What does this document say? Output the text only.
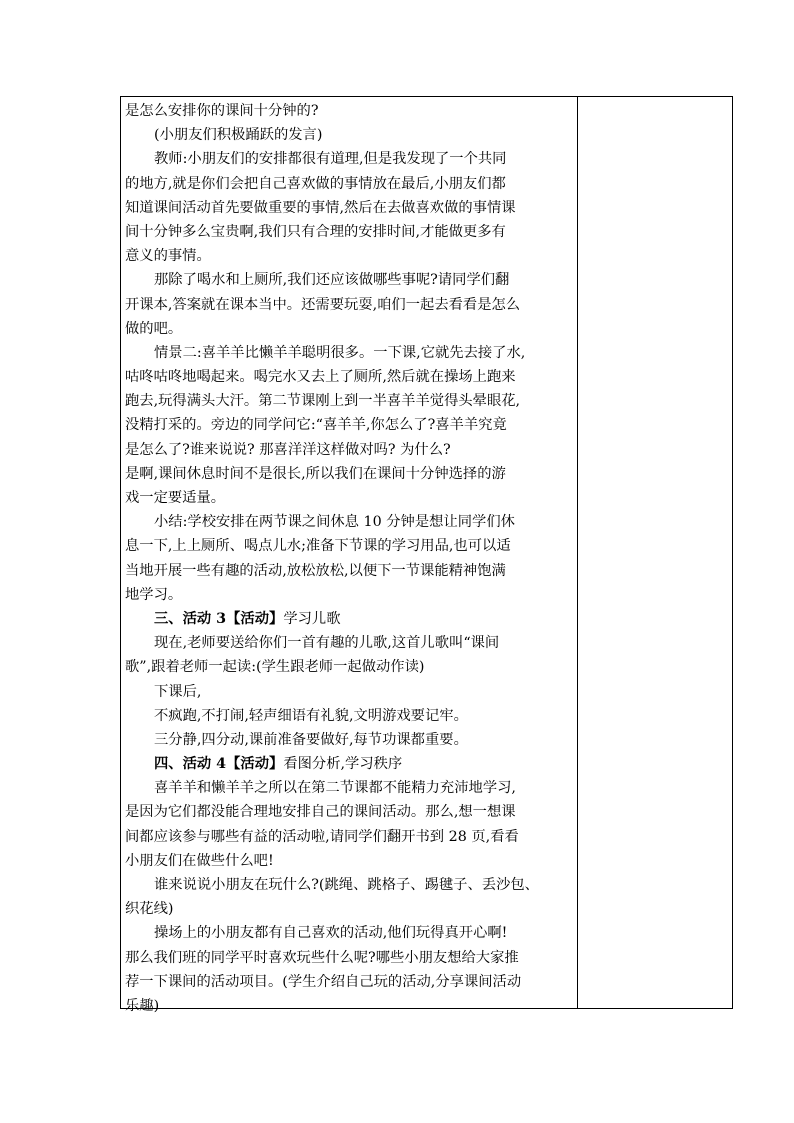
是怎么安排你的课间十分钟的?
(小朋友们积极踊跃的发言)
教师:小朋友们的安排都很有道理,但是我发现了一个共同
的地方,就是你们会把自己喜欢做的事情放在最后,小朋友们都
知道课间活动首先要做重要的事情,然后在去做喜欢做的事情课
间十分钟多么宝贵啊,我们只有合理的安排时间,才能做更多有
意义的事情。
那除了喝水和上厕所,我们还应该做哪些事呢?请同学们翻
开课本,答案就在课本当中。还需要玩耍,咱们一起去看看是怎么
做的吧。
情景二:喜羊羊比懒羊羊聪明很多。一下课,它就先去接了水,
咕咚咕咚地喝起来。喝完水又去上了厕所,然后就在操场上跑来
跑去,玩得满头大汗。第二节课刚上到一半喜羊羊觉得头晕眼花,
没精打采的。旁边的同学问它:“喜羊羊,你怎么了?喜羊羊究竟
是怎么了?谁来说说? 那喜洋洋这样做对吗? 为什么?
是啊,课间休息时间不是很长,所以我们在课间十分钟选择的游
戏一定要适量。
小结:学校安排在两节课之间休息 10 分钟是想让同学们休
息一下,上上厕所、喝点儿水;准备下节课的学习用品,也可以适
当地开展一些有趣的活动,放松放松,以便下一节课能精神饱满
地学习。
三、活动 3【活动】学习儿歌
现在,老师要送给你们一首有趣的儿歌,这首儿歌叫“课间
歌”,跟着老师一起读:(学生跟老师一起做动作读)
下课后,
不疯跑,不打闹,轻声细语有礼貌,文明游戏要记牢。
三分静,四分动,课前准备要做好,每节功课都重要。
四、活动 4【活动】看图分析,学习秩序
喜羊羊和懒羊羊之所以在第二节课都不能精力充沛地学习,
是因为它们都没能合理地安排自己的课间活动。那么,想一想课
间都应该参与哪些有益的活动啦,请同学们翻开书到 28 页,看看
小朋友们在做些什么吧!
谁来说说小朋友在玩什么?(跳绳、跳格子、踢毽子、丢沙包、
织花线)
操场上的小朋友都有自己喜欢的活动,他们玩得真开心啊!
那么我们班的同学平时喜欢玩些什么呢?哪些小朋友想给大家推
荐一下课间的活动项目。(学生介绍自己玩的活动,分享课间活动
乐趣)
